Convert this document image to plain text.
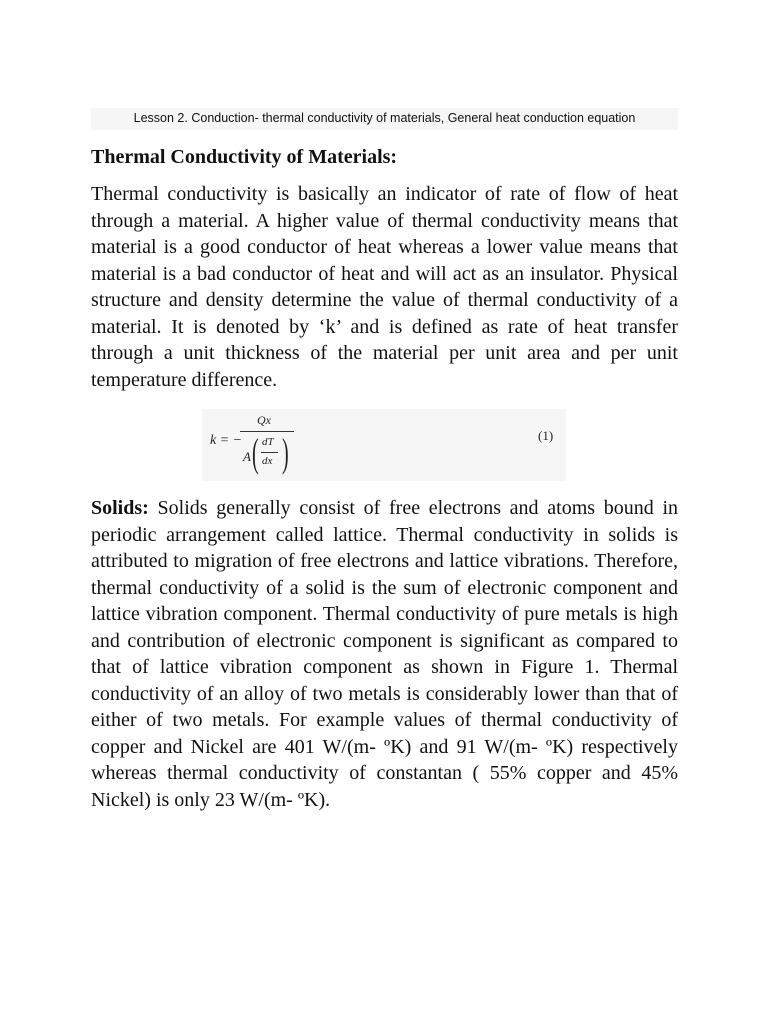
Lesson 2. Conduction- thermal conductivity of materials, General heat conduction equation
Thermal Conductivity of Materials:

Thermal conductivity is basically an indicator of rate of flow of heat through a material. A higher value of thermal conductivity means that material is a good conductor of heat whereas a lower value means that material is a bad conductor of heat and will act as an insulator. Physical structure and density determine the value of thermal conductivity of a material. It is denoted by ‘k’ and is defined as rate of heat transfer through a unit thickness of the material per unit area and per unit temperature difference.

k = −
Qx
A ( dT
dx )	(1)

Solids: Solids generally consist of free electrons and atoms bound in periodic arrangement called lattice. Thermal conductivity in solids is attributed to migration of free electrons and lattice vibrations. Therefore, thermal conductivity of a solid is the sum of electronic component and lattice vibration component. Thermal conductivity of pure metals is high and contribution of electronic component is significant as compared to that of lattice vibration component as shown in Figure 1. Thermal conductivity of an alloy of two metals is considerably lower than that of either of two metals. For example values of thermal conductivity of copper and Nickel are 401 W/(m- ºK) and 91 W/(m- ºK) respectively whereas thermal conductivity of constantan ( 55% copper and 45% Nickel) is only 23 W/(m- ºK).
